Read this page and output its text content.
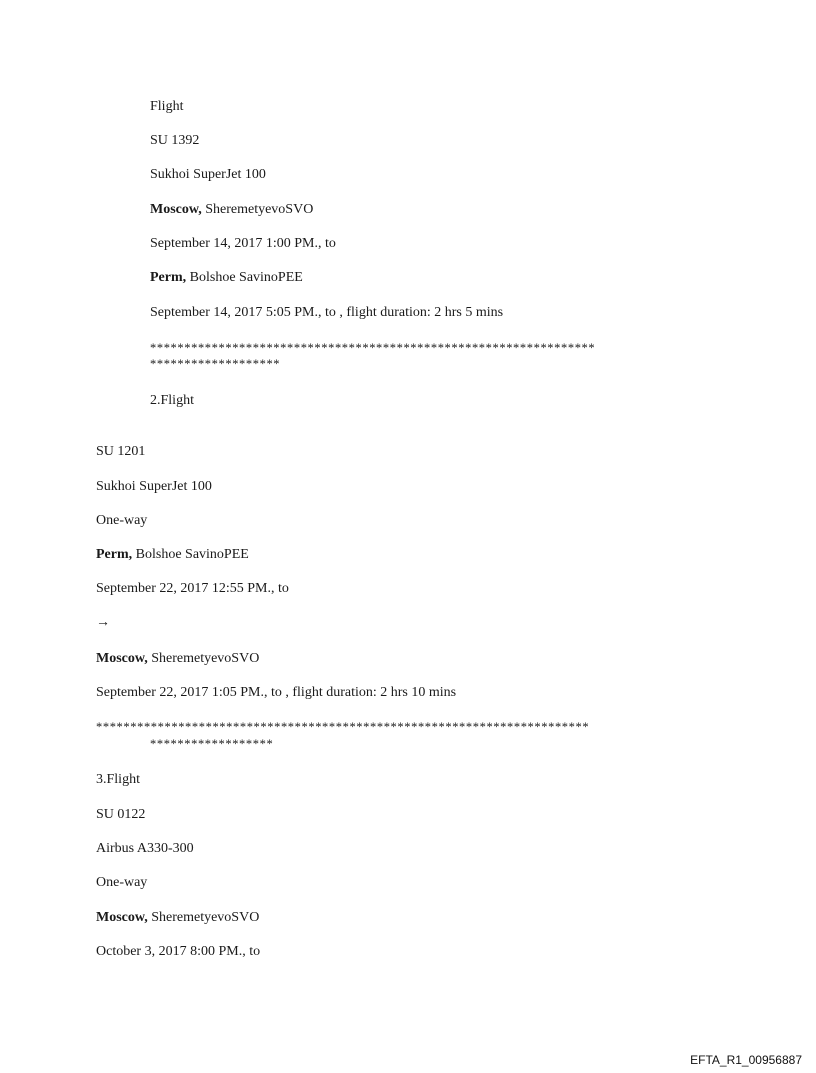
Flight
SU 1392
Sukhoi SuperJet 100
Moscow, SheremetyevoSVO
September 14, 2017 1:00 PM., to
Perm, Bolshoe SavinoPEE
September 14, 2017 5:05 PM., to , flight duration: 2 hrs 5 mins
*****************************************************************
*******************
2.Flight
SU 1201
Sukhoi SuperJet 100
One-way
Perm, Bolshoe SavinoPEE
September 22, 2017 12:55 PM., to
→
Moscow, SheremetyevoSVO
September 22, 2017 1:05 PM., to , flight duration: 2 hrs 10 mins
************************************************************************
******************
3.Flight
SU 0122
Airbus A330-300
One-way
Moscow, SheremetyevoSVO
October 3, 2017 8:00 PM., to
EFTA_R1_00956887
